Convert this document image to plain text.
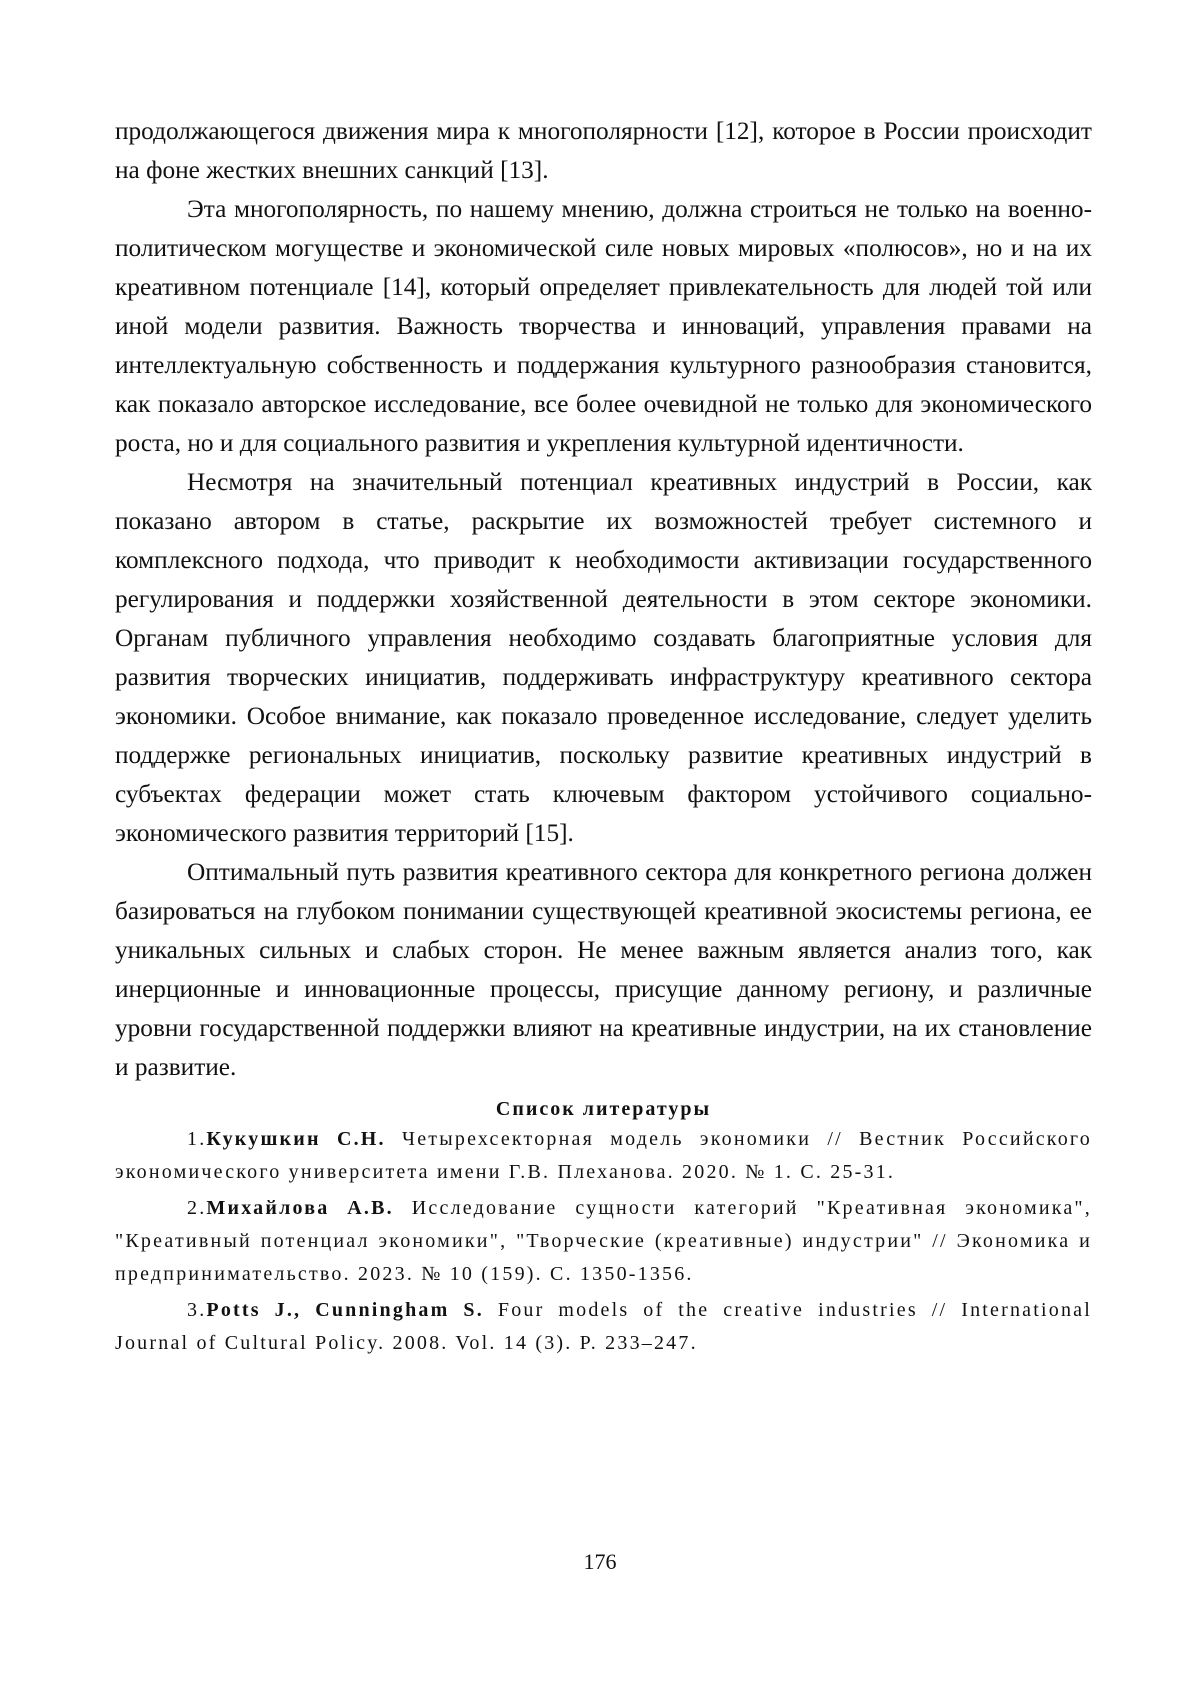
продолжающегося движения мира к многополярности [12], которое в России происходит на фоне жестких внешних санкций [13].

Эта многополярность, по нашему мнению, должна строиться не только на военно-политическом могуществе и экономической силе новых мировых «полюсов», но и на их креативном потенциале [14], который определяет привлекательность для людей той или иной модели развития. Важность творчества и инноваций, управления правами на интеллектуальную собственность и поддержания культурного разнообразия становится, как показало авторское исследование, все более очевидной не только для экономического роста, но и для социального развития и укрепления культурной идентичности.

Несмотря на значительный потенциал креативных индустрий в России, как показано автором в статье, раскрытие их возможностей требует системного и комплексного подхода, что приводит к необходимости активизации государственного регулирования и поддержки хозяйственной деятельности в этом секторе экономики. Органам публичного управления необходимо создавать благоприятные условия для развития творческих инициатив, поддерживать инфраструктуру креативного сектора экономики. Особое внимание, как показало проведенное исследование, следует уделить поддержке региональных инициатив, поскольку развитие креативных индустрий в субъектах федерации может стать ключевым фактором устойчивого социально-экономического развития территорий [15].

Оптимальный путь развития креативного сектора для конкретного региона должен базироваться на глубоком понимании существующей креативной экосистемы региона, ее уникальных сильных и слабых сторон. Не менее важным является анализ того, как инерционные и инновационные процессы, присущие данному региону, и различные уровни государственной поддержки влияют на креативные индустрии, на их становление и развитие.

Список литературы

1.Кукушкин С.Н. Четырехсекторная модель экономики // Вестник Российского экономического университета имени Г.В. Плеханова. 2020. № 1. С. 25-31.

2.Михайлова А.В. Исследование сущности категорий "Креативная экономика", "Креативный потенциал экономики", "Творческие (креативные) индустрии" // Экономика и предпринимательство. 2023. № 10 (159). С. 1350-1356.

3.Potts J., Cunningham S. Four models of the creative industries // International Journal of Cultural Policy. 2008. Vol. 14 (3). P. 233–247.

176
